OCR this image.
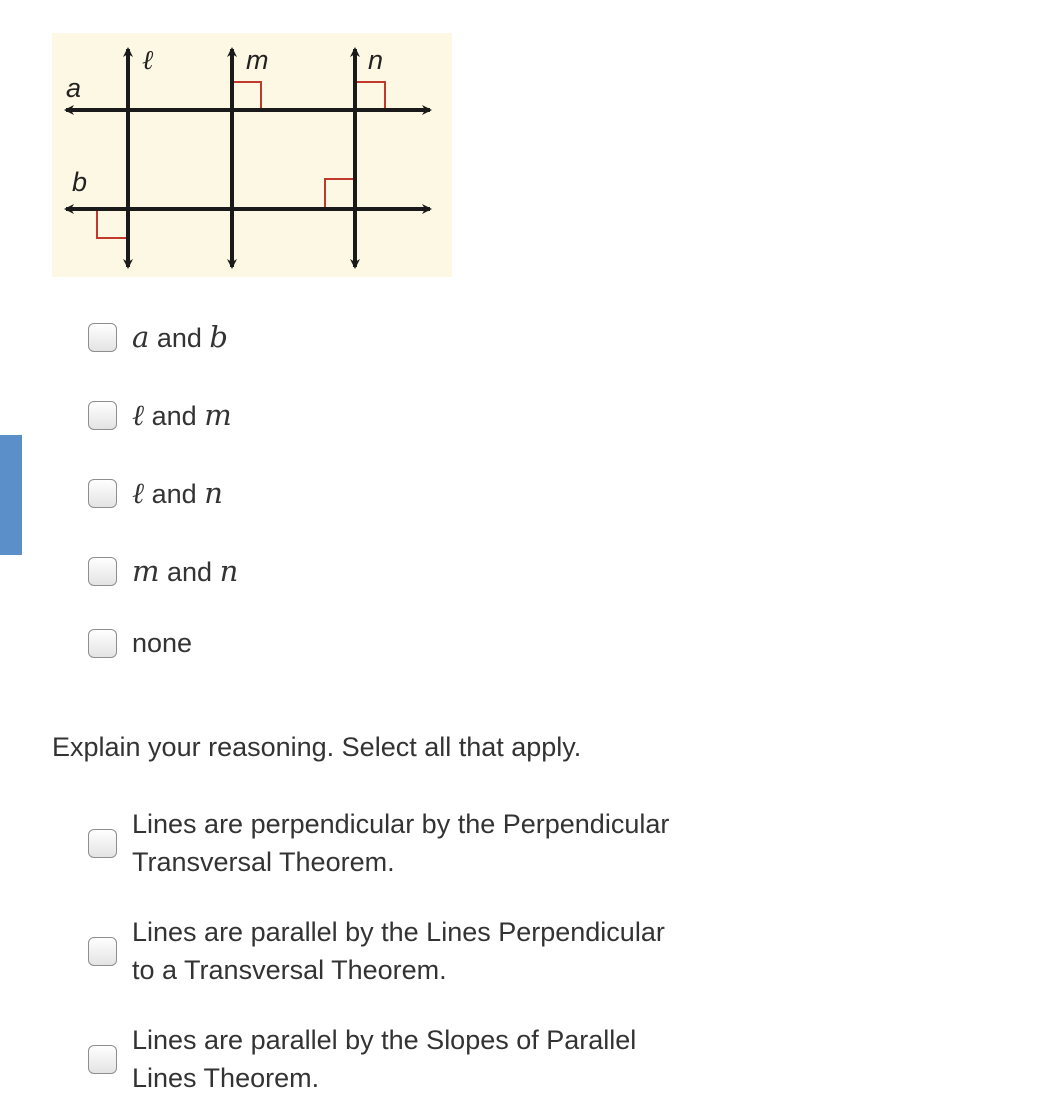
a
b
ℓ	m	n
a and b
ℓ and m
ℓ and n
m and n
none
Explain your reasoning. Select all that apply.
Lines are perpendicular by the Perpendicular
Transversal Theorem.
Lines are parallel by the Lines Perpendicular
to a Transversal Theorem.
Lines are parallel by the Slopes of Parallel
Lines Theorem.
